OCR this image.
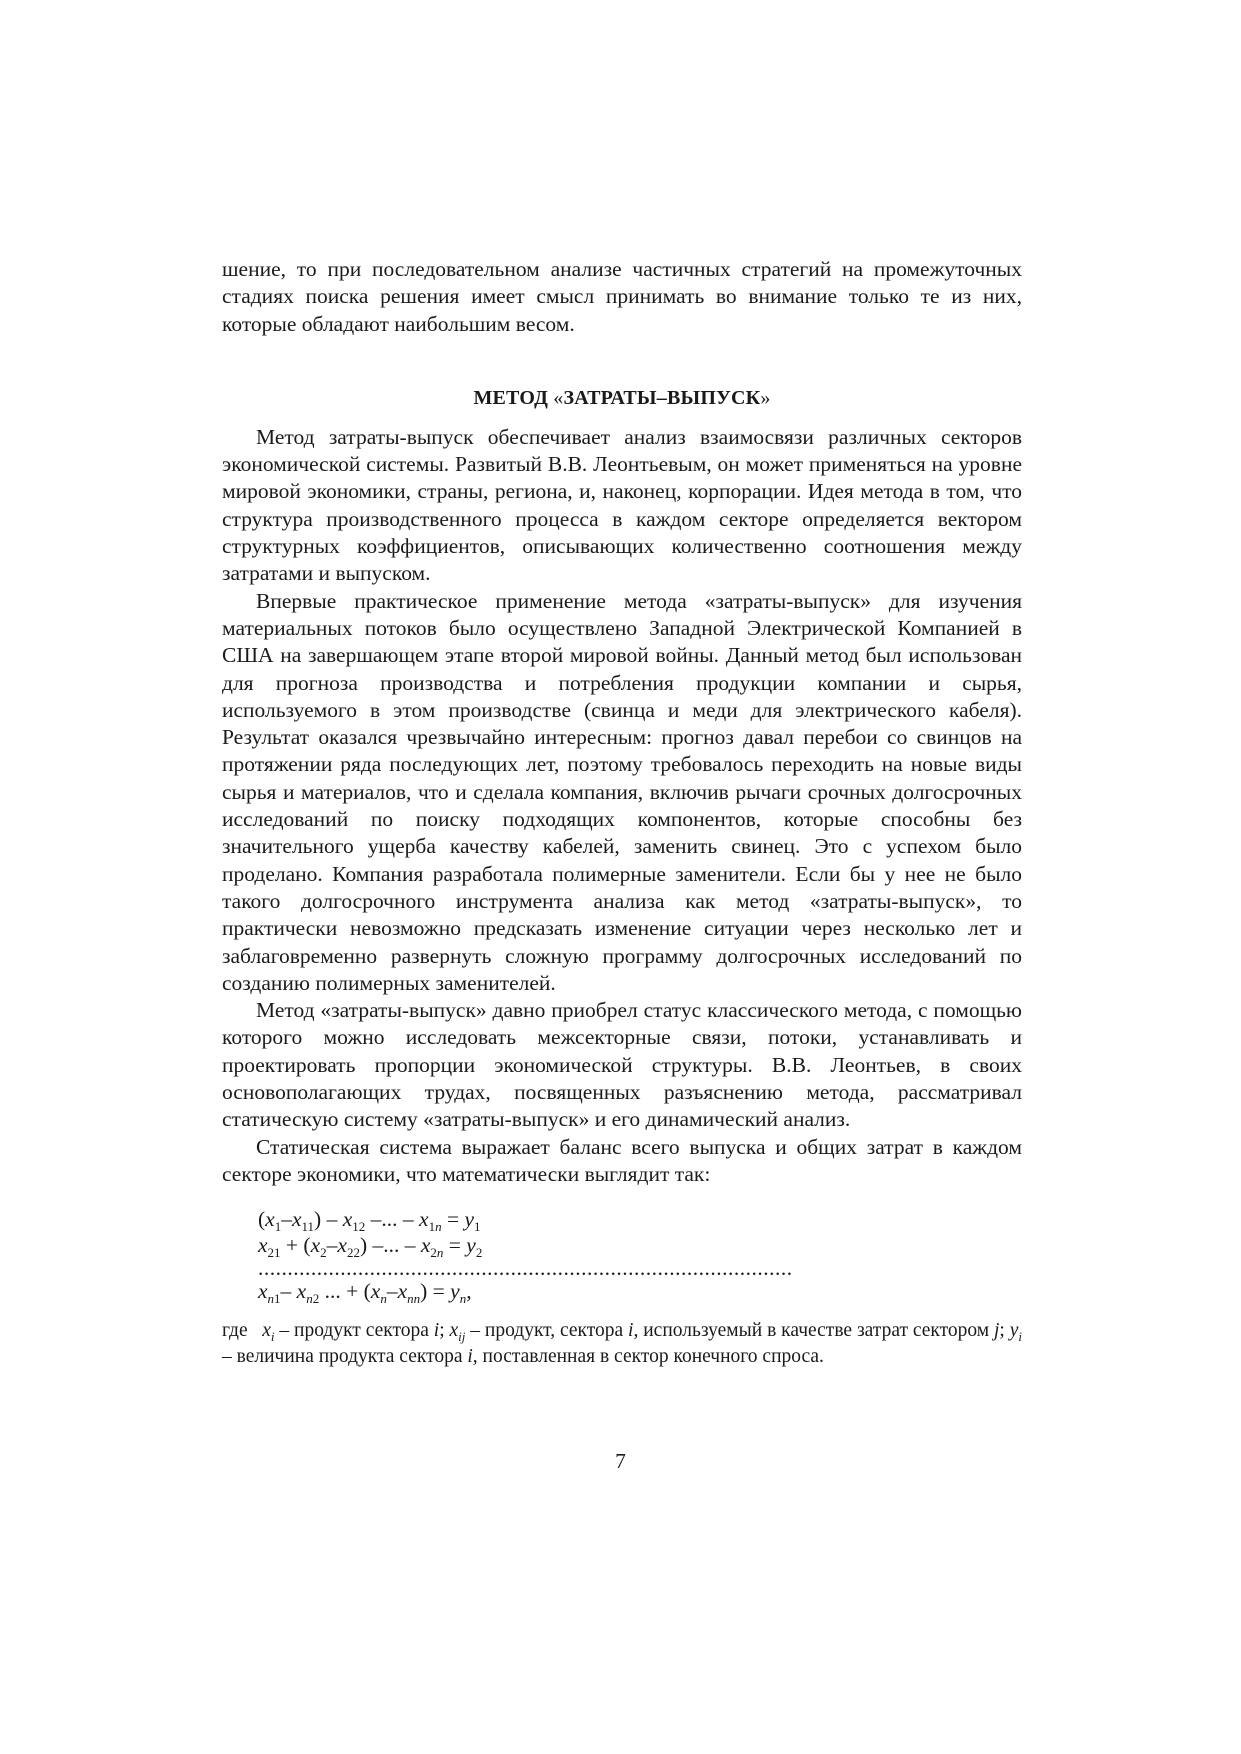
шение, то при последовательном анализе частичных стратегий на промежуточных стадиях поиска решения имеет смысл принимать во внимание только те из них, которые обладают наибольшим весом.

МЕТОД «ЗАТРАТЫ–ВЫПУСК»

Метод затраты-выпуск обеспечивает анализ взаимосвязи различных секторов экономической системы. Развитый В.В. Леонтьевым, он может применяться на уровне мировой экономики, страны, региона, и, наконец, корпорации. Идея метода в том, что структура производственного процесса в каждом секторе определяется вектором структурных коэффициентов, описывающих количественно соотношения между затратами и выпуском.

Впервые практическое применение метода «затраты-выпуск» для изучения материальных потоков было осуществлено Западной Электрической Компанией в США на завершающем этапе второй мировой войны. Данный метод был использован для прогноза производства и потребления продукции компании и сырья, используемого в этом производстве (свинца и меди для электрического кабеля). Результат оказался чрезвычайно интересным: прогноз давал перебои со свинцов на протяжении ряда последующих лет, поэтому требовалось переходить на новые виды сырья и материалов, что и сделала компания, включив рычаги срочных долгосрочных исследований по поиску подходящих компонентов, которые способны без значительного ущерба качеству кабелей, заменить свинец. Это с успехом было проделано. Компания разработала полимерные заменители. Если бы у нее не было такого долгосрочного инструмента анализа как метод «затраты-выпуск», то практически невозможно предсказать изменение ситуации через несколько лет и заблаговременно развернуть сложную программу долгосрочных исследований по созданию полимерных заменителей.

Метод «затраты-выпуск» давно приобрел статус классического метода, с помощью которого можно исследовать межсекторные связи, потоки, устанавливать и проектировать пропорции экономической структуры. В.В. Леонтьев, в своих основополагающих трудах, посвященных разъяснению метода, рассматривал статическую систему «затраты-выпуск» и его динамический анализ.

Статическая система выражает баланс всего выпуска и общих затрат в каждом секторе экономики, что математически выглядит так:

$(x_1-x_{11}) - x_{12}$ –... – $x_{1n} = y_1$
$x_{21} + (x_2-x_{22})$ –... – $x_{2n} = y_2$
...........................................................................................
$x_{n1}-$ $x_{n2}$ ... + $(x_n-x_{nn}) = y_n$,

где $x_i$ – продукт сектора i; $x_{ij}$ – продукт, сектора i, используемый в качестве затрат сектором j; $y_i$ – величина продукта сектора i, поставленная в сектор конечного спроса.

7
